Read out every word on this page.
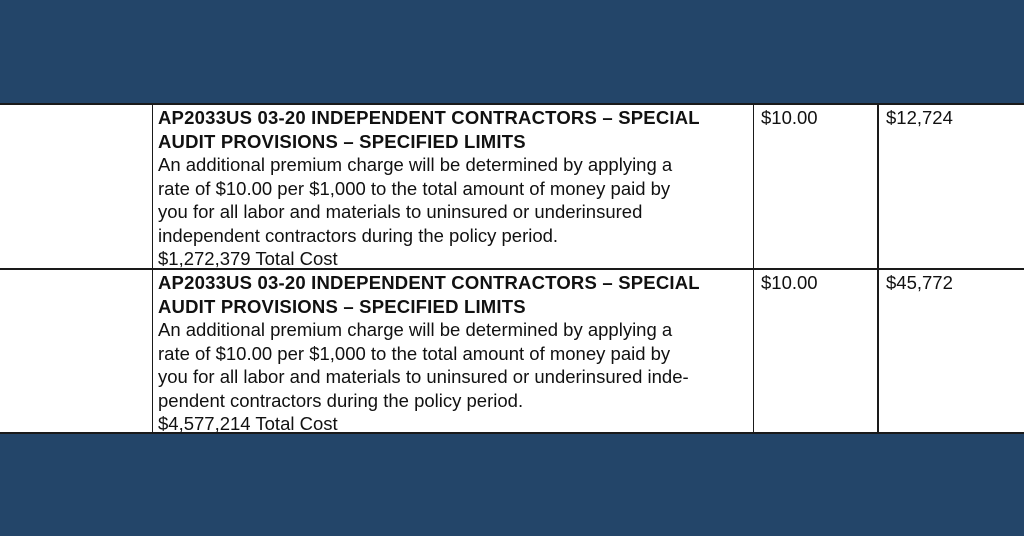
AP2033US 03-20 INDEPENDENT CONTRACTORS – SPECIAL
AUDIT PROVISIONS – SPECIFIED LIMITS
An additional premium charge will be determined by applying a
rate of $10.00 per $1,000 to the total amount of money paid by
you for all labor and materials to uninsured or underinsured
independent contractors during the policy period.
$1,272,379 Total Cost
$10.00	$12,724
AP2033US 03-20 INDEPENDENT CONTRACTORS – SPECIAL
AUDIT PROVISIONS – SPECIFIED LIMITS
An additional premium charge will be determined by applying a
rate of $10.00 per $1,000 to the total amount of money paid by
you for all labor and materials to uninsured or underinsured inde-
pendent contractors during the policy period.
$4,577,214 Total Cost
$10.00	$45,772
